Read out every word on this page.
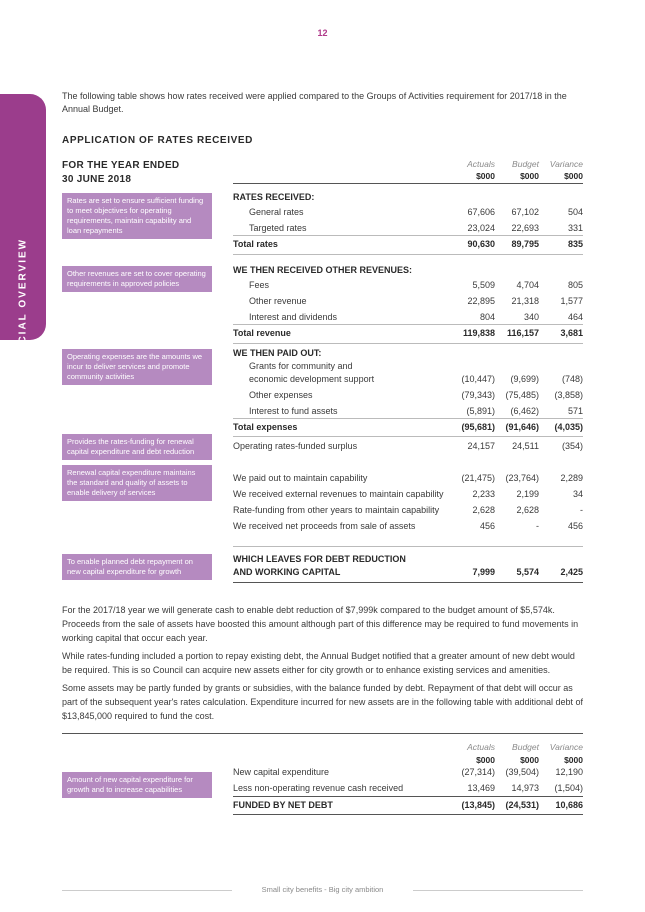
12
FINANCIAL OVERVIEW
The following table shows how rates received were applied compared to the Groups of Activities requirement for 2017/18 in the Annual Budget.
APPLICATION OF RATES RECEIVED
FOR THE YEAR ENDED
30 JUNE 2018
Actuals
$000
Budget
$000
Variance
$000
Rates are set to ensure sufficient funding to meet objectives for operating requirements, maintain capability and loan repayments
Other revenues are set to cover operating requirements in approved policies
Operating expenses are the amounts we incur to deliver services and promote community activities
Provides the rates-funding for renewal capital expenditure and debt reduction
Renewal capital expenditure maintains the standard and quality of assets to enable delivery of services
To enable planned debt repayment on new capital expenditure for growth
Amount of new capital expenditure for growth and to increase capabilities
RATES RECEIVED:
General rates	67,606 67,102	504
Targeted rates	23,024 22,693	331
Total rates	90,630 89,795	835
WE THEN RECEIVED OTHER REVENUES:
Fees	5,509 4,704	805
Other revenue	22,895 21,318 1,577
Interest and dividends	804	340	464
Total revenue	119,838 116,157 3,681
WE THEN PAID OUT:
Grants for community and
economic development support	(10,447) (9,699)	(748)
Other expenses	(79,343) (75,485) (3,858)
Interest to fund assets	(5,891) (6,462)	571
Total expenses	(95,681) (91,646) (4,035)
Operating rates-funded surplus	24,157 24,511	(354)
We paid out to maintain capability	(21,475) (23,764) 2,289
We received external revenues to maintain capability	2,233 2,199	34
Rate-funding from other years to maintain capability	2,628 2,628	-
We received net proceeds from sale of assets	456	-	456
WHICH LEAVES FOR DEBT REDUCTION
AND WORKING CAPITAL	7,999 5,574 2,425
For the 2017/18 year we will generate cash to enable debt reduction of $7,999k compared to the budget amount of $5,574k. Proceeds from the sale of assets have boosted this amount although part of this difference may be required to fund movements in working capital that occur each year.
While rates-funding included a portion to repay existing debt, the Annual Budget notified that a greater amount of new debt would be required. This is so Council can acquire new assets either for city growth or to enhance existing services and amenities.
Some assets may be partly funded by grants or subsidies, with the balance funded by debt. Repayment of that debt will occur as part of the subsequent year's rates calculation. Expenditure incurred for new assets are in the following table with additional debt of $13,845,000 required to fund the cost.
Actuals
$000
Budget
$000
Variance
$000
New capital expenditure	(27,314) (39,504) 12,190
Less non-operating revenue cash received	13,469 14,973 (1,504)
FUNDED BY NET DEBT	(13,845) (24,531) 10,686
Small city benefits - Big city ambition
